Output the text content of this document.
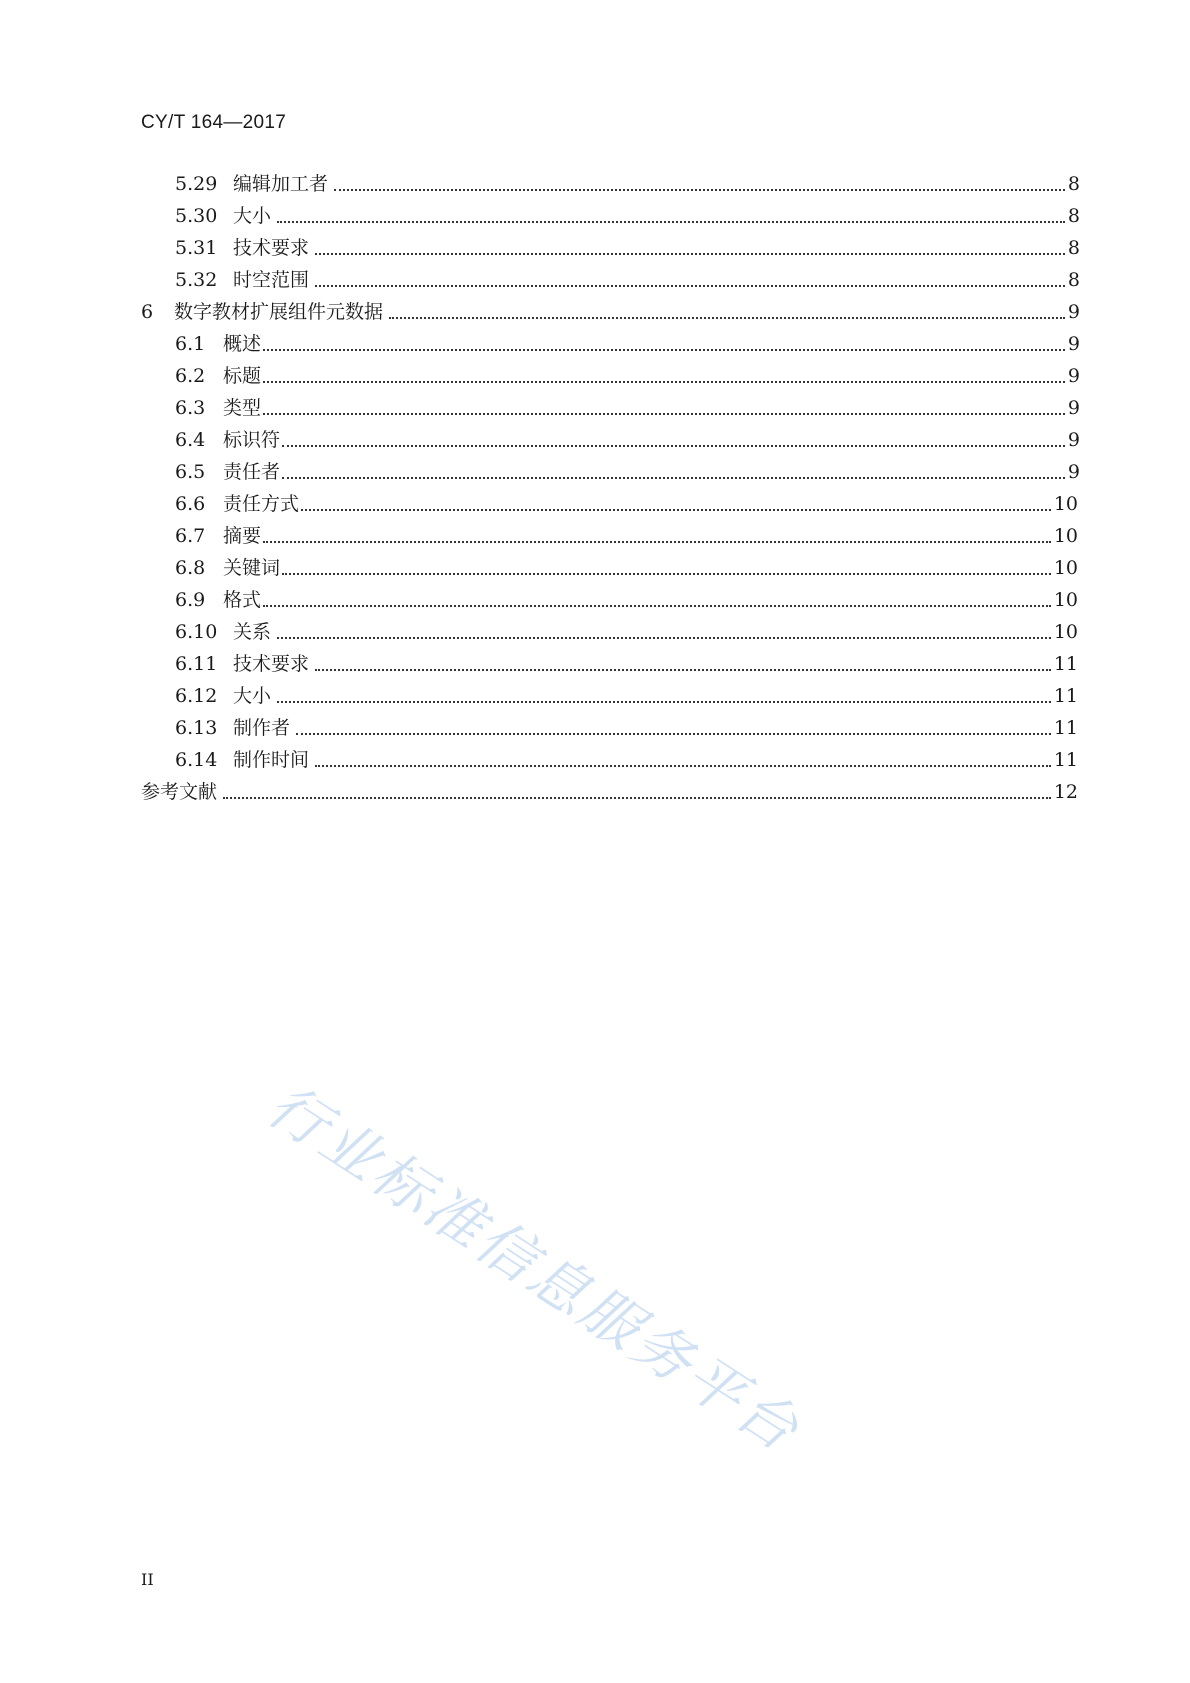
CY/T 164—2017
5.29 编辑加工者	8
5.30 大小	8
5.31 技术要求	8
5.32 时空范围	8
6	数字教材扩展组件元数据	9
6.1 概述	9
6.2 标题	9
6.3 类型	9
6.4 标识符	9
6.5 责任者	9
6.6 责任方式	10
6.7 摘要	10
6.8 关键词	10
6.9 格式	10
6.10 关系	10
6.11 技术要求	11
6.12 大小	11
6.13 制作者	11
6.14 制作时间	11
参考文献	12
II
行业标准信息服务平台
